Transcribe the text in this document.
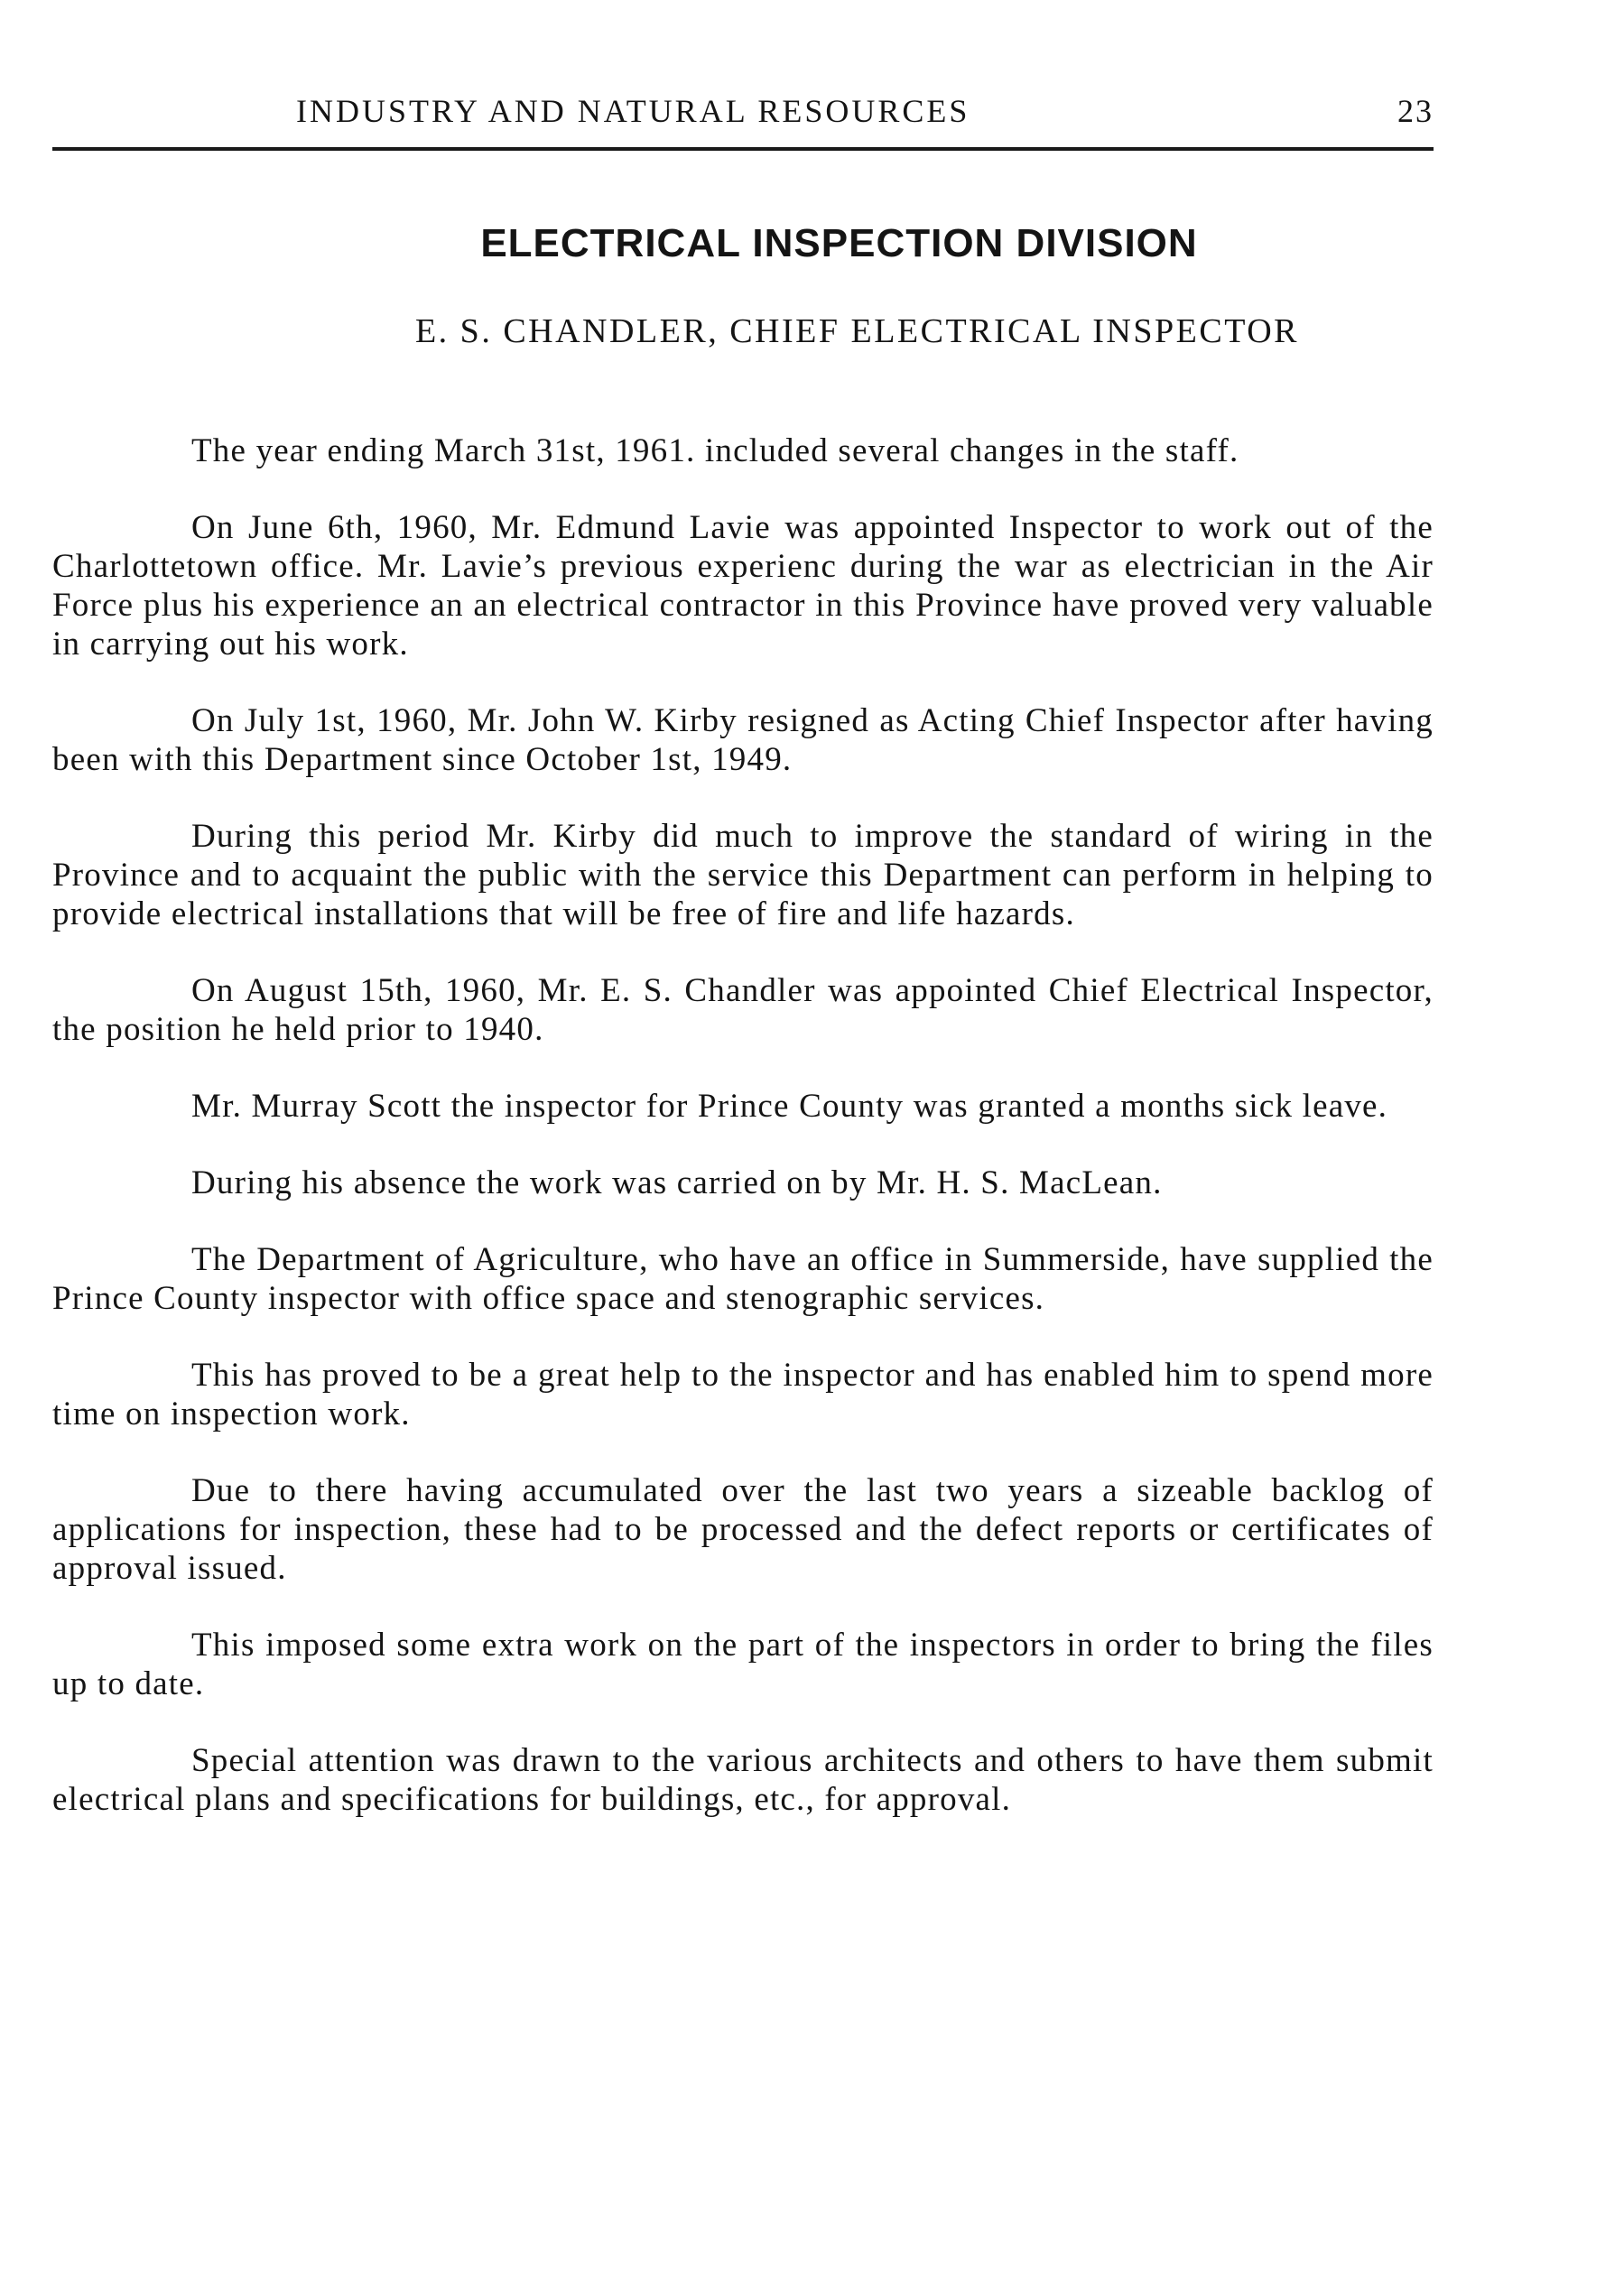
INDUSTRY AND NATURAL RESOURCES	23
ELECTRICAL INSPECTION DIVISION
E. S. CHANDLER, CHIEF ELECTRICAL INSPECTOR

The year ending March 31st, 1961. included several changes in the staff.

On June 6th, 1960, Mr. Edmund Lavie was appointed Inspector to work out of the Charlottetown office. Mr. Lavie’s previous experienc during the war as electrician in the Air Force plus his experience an an electrical contractor in this Province have proved very valuable in carrying out his work.

On July 1st, 1960, Mr. John W. Kirby resigned as Acting Chief Inspector after having been with this Department since October 1st, 1949.

During this period Mr. Kirby did much to improve the standard of wiring in the Province and to acquaint the public with the service this Department can perform in helping to provide electrical installations that will be free of fire and life hazards.

On August 15th, 1960, Mr. E. S. Chandler was appointed Chief Electrical Inspector, the position he held prior to 1940.

Mr. Murray Scott the inspector for Prince County was granted a months sick leave.

During his absence the work was carried on by Mr. H. S. MacLean.

The Department of Agriculture, who have an office in Summerside, have supplied the Prince County inspector with office space and stenographic services.

This has proved to be a great help to the inspector and has enabled him to spend more time on inspection work.

Due to there having accumulated over the last two years a sizeable backlog of applications for inspection, these had to be processed and the defect reports or certificates of approval issued.

This imposed some extra work on the part of the inspectors in order to bring the files up to date.

Special attention was drawn to the various architects and others to have them submit electrical plans and specifications for buildings, etc., for approval.
